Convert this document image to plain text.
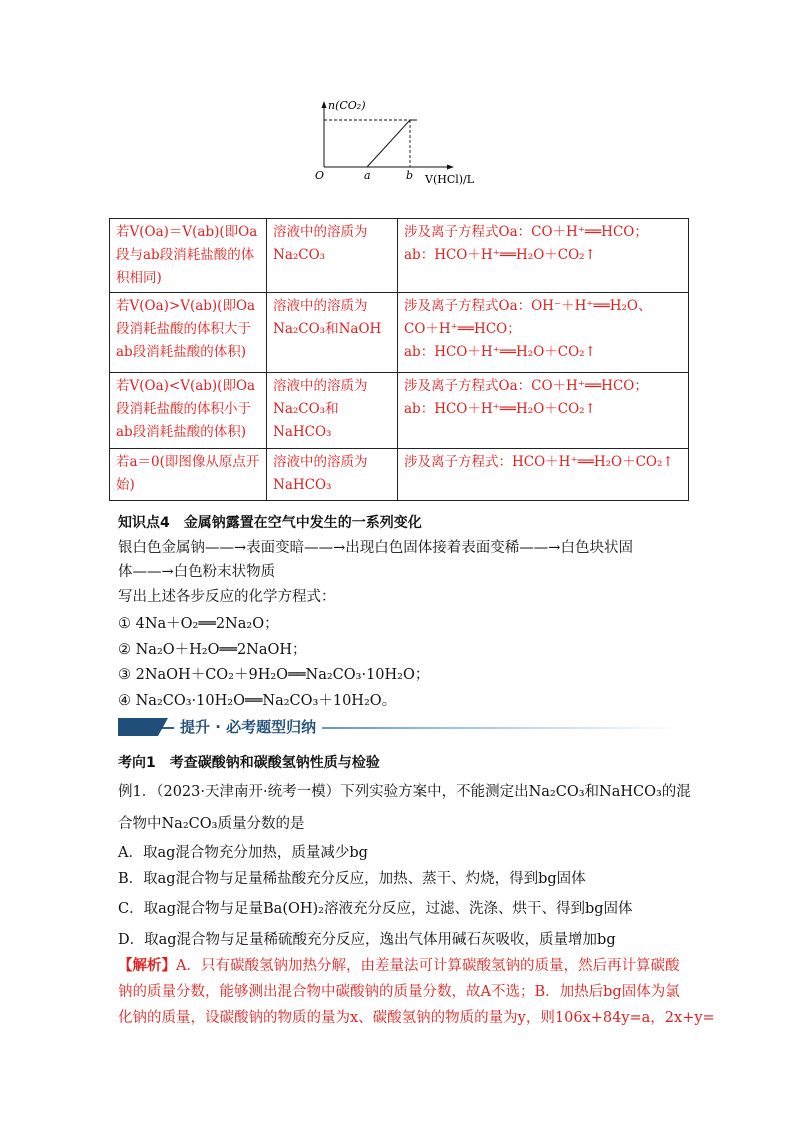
n(CO₂)
O	a	b V(HCl)/L
若V(Oa)＝V(ab)(即Oa段与ab段消耗盐酸的体积相同)	溶液中的溶质为Na₂CO₃	涉及离子方程式Oa：CO＋H⁺══HCO；
ab：HCO＋H⁺══H₂O＋CO₂↑

若V(Oa)>V(ab)(即Oa段消耗盐酸的体积大于ab段消耗盐酸的体积)	溶液中的溶质为Na₂CO₃和NaOH	涉及离子方程式Oa：OH⁻＋H⁺══H₂O、
CO＋H⁺══HCO；
ab：HCO＋H⁺══H₂O＋CO₂↑

若V(Oa)<V(ab)(即Oa段消耗盐酸的体积小于ab段消耗盐酸的体积)	溶液中的溶质为Na₂CO₃和NaHCO₃	涉及离子方程式Oa：CO＋H⁺══HCO；
ab：HCO＋H⁺══H₂O＋CO₂↑

若a＝0(即图像从原点开始)	溶液中的溶质为NaHCO₃	涉及离子方程式：HCO＋H⁺══H₂O＋CO₂↑
知识点4　金属钠露置在空气中发生的一系列变化
银白色金属钠——→表面变暗——→出现白色固体接着表面变稀——→白色块状固
体——→白色粉末状物质
写出上述各步反应的化学方程式：
① 4Na＋O₂══2Na₂O；
② Na₂O＋H₂O══2NaOH；
③ 2NaOH＋CO₂＋9H₂O══Na₂CO₃·10H₂O；
④ Na₂CO₃·10H₂O══Na₂CO₃＋10H₂O。
提升 · 必考题型归纳
考向1　考查碳酸钠和碳酸氢钠性质与检验
例1．（2023·天津南开·统考一模）下列实验方案中，不能测定出Na₂CO₃和NaHCO₃的混
合物中Na₂CO₃质量分数的是
A．取ag混合物充分加热，质量减少bg
B．取ag混合物与足量稀盐酸充分反应，加热、蒸干、灼烧，得到bg固体
C．取ag混合物与足量Ba(OH)₂溶液充分反应，过滤、洗涤、烘干、得到bg固体
D．取ag混合物与足量稀硫酸充分反应，逸出气体用碱石灰吸收，质量增加bg
【解析】A．只有碳酸氢钠加热分解，由差量法可计算碳酸氢钠的质量，然后再计算碳酸
钠的质量分数，能够测出混合物中碳酸钠的质量分数，故A不选；B．加热后bg固体为氯
化钠的质量，设碳酸钠的物质的量为x、碳酸氢钠的物质的量为y，则106x+84y=a，2x+y=
